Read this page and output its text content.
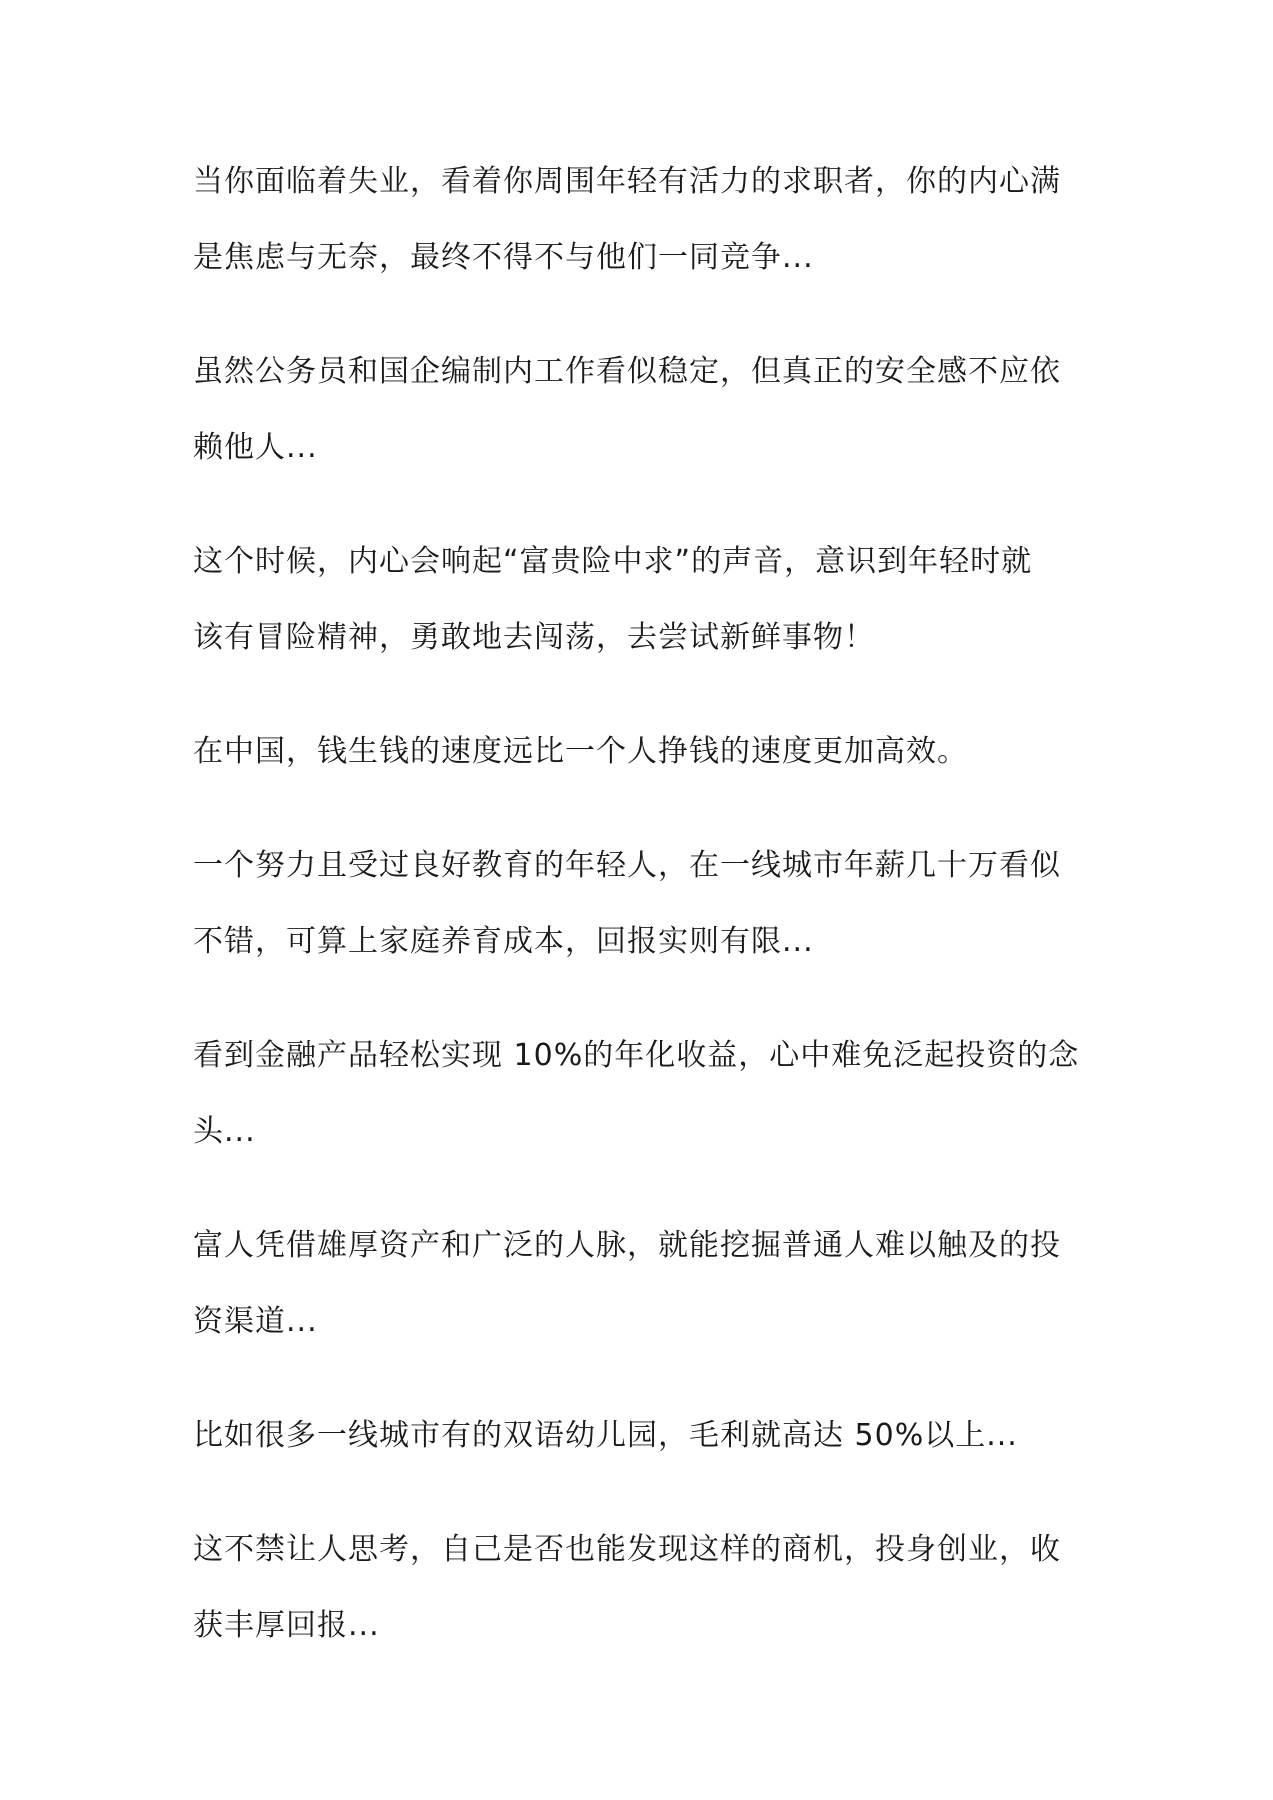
当你面临着失业，看着你周围年轻有活力的求职者，你的内心满
是焦虑与无奈，最终不得不与他们一同竞争...

虽然公务员和国企编制内工作看似稳定，但真正的安全感不应依
赖他人...

这个时候，内心会响起“富贵险中求”的声音，意识到年轻时就
该有冒险精神，勇敢地去闯荡，去尝试新鲜事物！

在中国，钱生钱的速度远比一个人挣钱的速度更加高效。

一个努力且受过良好教育的年轻人，在一线城市年薪几十万看似
不错，可算上家庭养育成本，回报实则有限...

看到金融产品轻松实现 10%的年化收益，心中难免泛起投资的念
头...

富人凭借雄厚资产和广泛的人脉，就能挖掘普通人难以触及的投
资渠道...

比如很多一线城市有的双语幼儿园，毛利就高达 50%以上...

这不禁让人思考，自己是否也能发现这样的商机，投身创业，收
获丰厚回报...
